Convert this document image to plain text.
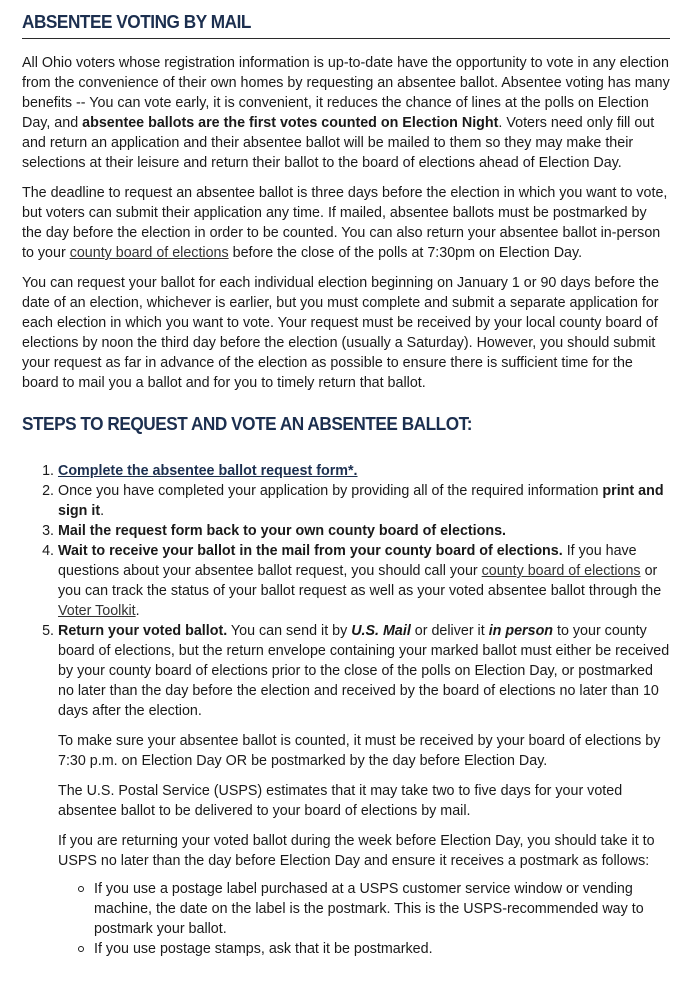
ABSENTEE VOTING BY MAIL

All Ohio voters whose registration information is up-to-date have the opportunity to vote in any election from the convenience of their own homes by requesting an absentee ballot. Absentee voting has many benefits -- You can vote early, it is convenient, it reduces the chance of lines at the polls on Election Day, and absentee ballots are the first votes counted on Election Night. Voters need only fill out and return an application and their absentee ballot will be mailed to them so they may make their selections at their leisure and return their ballot to the board of elections ahead of Election Day.

The deadline to request an absentee ballot is three days before the election in which you want to vote, but voters can submit their application any time. If mailed, absentee ballots must be postmarked by the day before the election in order to be counted. You can also return your absentee ballot in-person to your county board of elections before the close of the polls at 7:30pm on Election Day.

You can request your ballot for each individual election beginning on January 1 or 90 days before the date of an election, whichever is earlier, but you must complete and submit a separate application for each election in which you want to vote. Your request must be received by your local county board of elections by noon the third day before the election (usually a Saturday). However, you should submit your request as far in advance of the election as possible to ensure there is sufficient time for the board to mail you a ballot and for you to timely return that ballot.

STEPS TO REQUEST AND VOTE AN ABSENTEE BALLOT:
1. Complete the absentee ballot request form*.
2. Once you have completed your application by providing all of the required information print and sign it.
3. Mail the request form back to your own county board of elections.
4. Wait to receive your ballot in the mail from your county board of elections. If you have questions about your absentee ballot request, you should call your county board of elections or you can track the status of your ballot request as well as your voted absentee ballot through the Voter Toolkit.
5. Return your voted ballot. You can send it by U.S. Mail or deliver it in person to your county board of elections, but the return envelope containing your marked ballot must either be received by your county board of elections prior to the close of the polls on Election Day, or postmarked no later than the day before the election and received by the board of elections no later than 10 days after the election.

To make sure your absentee ballot is counted, it must be received by your board of elections by 7:30 p.m. on Election Day OR be postmarked by the day before Election Day.

The U.S. Postal Service (USPS) estimates that it may take two to five days for your voted absentee ballot to be delivered to your board of elections by mail.

If you are returning your voted ballot during the week before Election Day, you should take it to USPS no later than the day before Election Day and ensure it receives a postmark as follows:

If you use a postage label purchased at a USPS customer service window or vending machine, the date on the label is the postmark. This is the USPS-recommended way to postmark your ballot.
If you use postage stamps, ask that it be postmarked.
